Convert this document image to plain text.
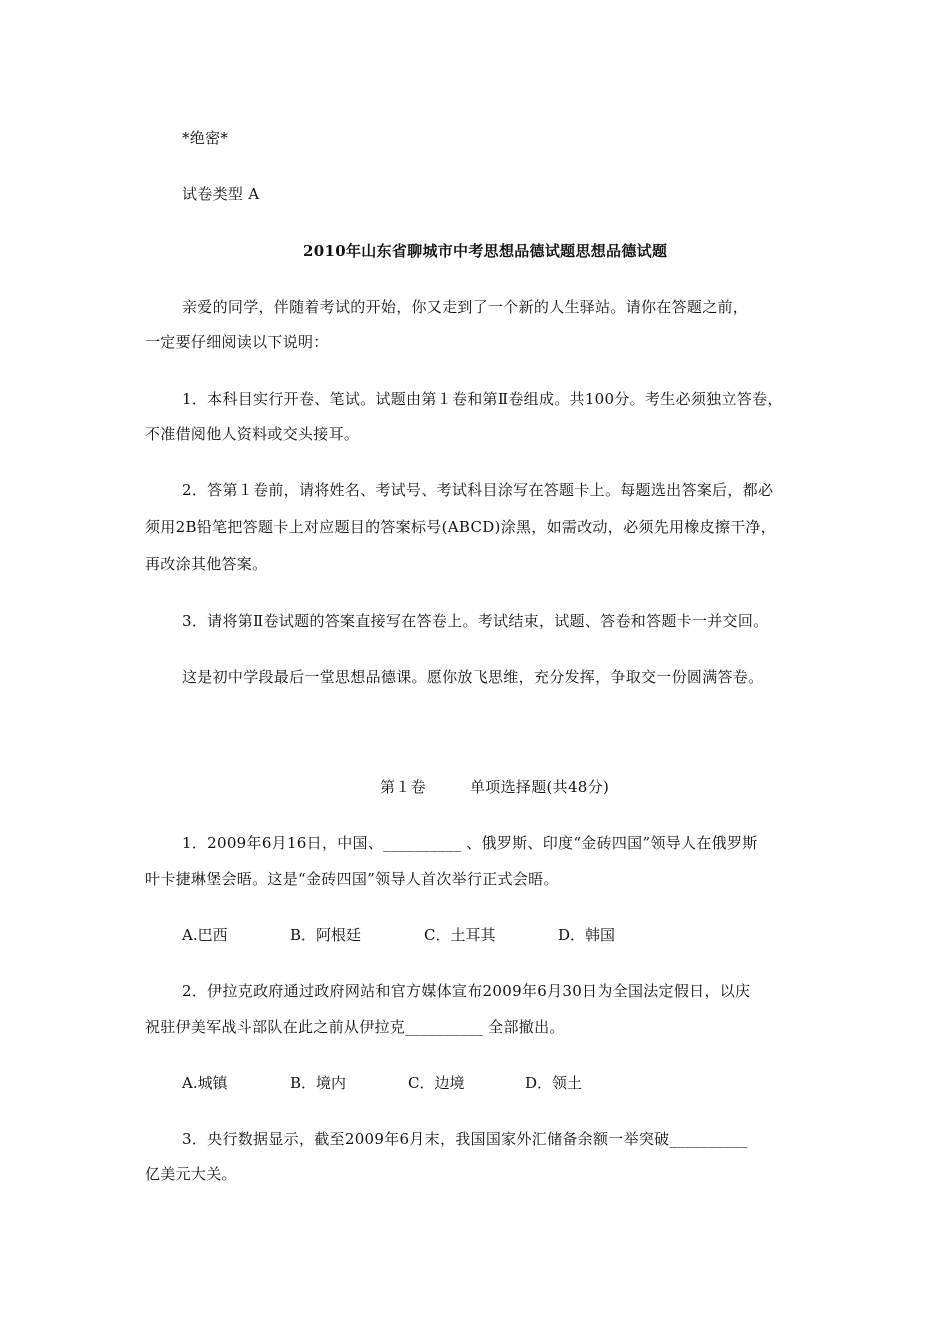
*绝密*
试卷类型 A
2010年山东省聊城市中考思想品德试题思想品德试题
亲爱的同学，伴随着考试的开始，你又走到了一个新的人生驿站。请你在答题之前，
一定要仔细阅读以下说明：
1．本科目实行开卷、笔试。试题由第１卷和第Ⅱ卷组成。共100分。考生必须独立答卷，
不准借阅他人资料或交头接耳。
2．答第１卷前，请将姓名、考试号、考试科目涂写在答题卡上。每题选出答案后，都必
须用2B铅笔把答题卡上对应题目的答案标号(ABCD)涂黑，如需改动，必须先用橡皮擦干净，
再改涂其他答案。
3．请将第Ⅱ卷试题的答案直接写在答卷上。考试结束，试题、答卷和答题卡一并交回。
这是初中学段最后一堂思想品德课。愿你放飞思维，充分发挥，争取交一份圆满答卷。
第１卷	单项选择题(共48分)
1．2009年6月16日，中国、__________ 、俄罗斯、印度“金砖四国”领导人在俄罗斯
叶卡捷琳堡会晤。这是“金砖四国”领导人首次举行正式会晤。
A.巴西	B．阿根廷	C．土耳其	D．韩国
2．伊拉克政府通过政府网站和官方媒体宣布2009年6月30日为全国法定假日，以庆
祝驻伊美军战斗部队在此之前从伊拉克__________ 全部撤出。
A.城镇	B．境内	C．边境	D．领土
3．央行数据显示，截至2009年6月末，我国国家外汇储备余额一举突破__________
亿美元大关。
